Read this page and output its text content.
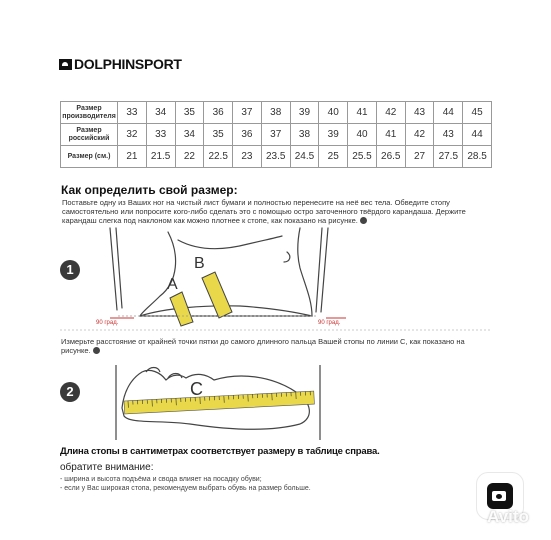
DOLPHINSPORT
Размер производителя	33	34	35	36	37	38	39	40	41	42	43	44	45
Размер российский	32	33	34	35	36	37	38	39	40	41	42	43	44
Размер (см.)	21	21.5	22	22.5	23	23.5	24.5	25	25.5	26.5	27	27.5	28.5
Как определить свой размер:
Поставьте одну из Ваших ног на чистый лист бумаги и полностью перенесите на неё вес тела. Обведите стопу самостоятельно или попросите кого-либо сделать это с помощью остро заточенного твёрдого карандаша. Держите карандаш слегка под наклоном как можно плотнее к стопе, как показано на рисунке.
1
A
B
90 град.	90 град.
C
Измерьте расстояние от крайней точки пятки до самого длинного пальца Вашей стопы по линии C, как показано на рисунке.
2
Длина стопы в сантиметрах соответствует размеру в таблице справа.
обратите внимание:
- ширина и высота подъёма и свода влияет на посадку обуви;
- если у Вас широкая стопа, рекомендуем выбрать обувь на размер больше.
Avito
